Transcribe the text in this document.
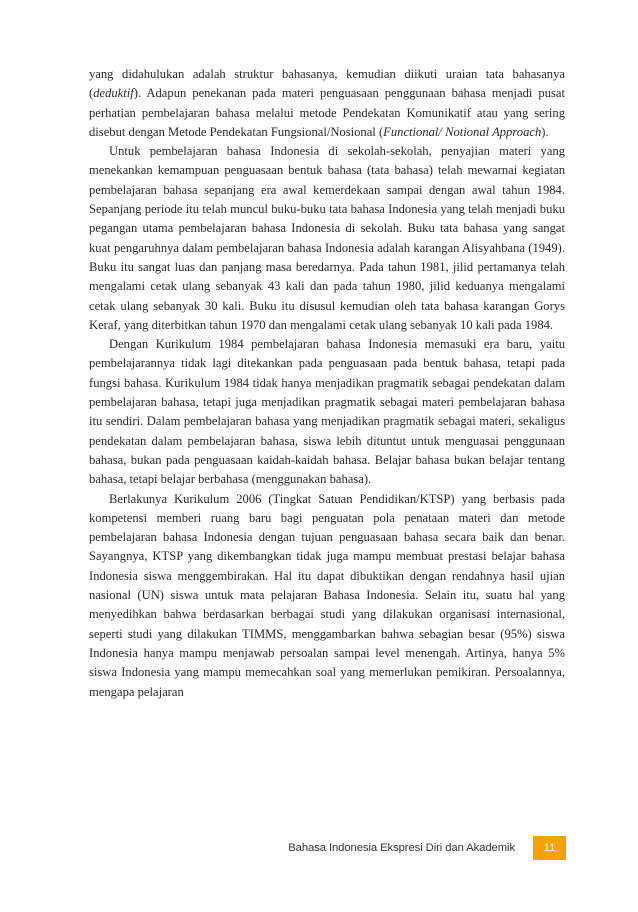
yang didahulukan adalah struktur bahasanya, kemudian diikuti uraian tata bahasanya (deduktif). Adapun penekanan pada materi penguasaan penggunaan bahasa menjadi pusat perhatian pembelajaran bahasa melalui metode Pendekatan Komunikatif atau yang sering disebut dengan Metode Pendekatan Fungsional/Nosional (Functional/ Notional Approach).

Untuk pembelajaran bahasa Indonesia di sekolah-sekolah, penyajian materi yang menekankan kemampuan penguasaan bentuk bahasa (tata bahasa) telah mewarnai kegiatan pembelajaran bahasa sepanjang era awal kemerdekaan sampai dengan awal tahun 1984. Sepanjang periode itu telah muncul buku-buku tata bahasa Indonesia yang telah menjadi buku pegangan utama pembelajaran bahasa Indonesia di sekolah. Buku tata bahasa yang sangat kuat pengaruhnya dalam pembelajaran bahasa Indonesia adalah karangan Alisyahbana (1949). Buku itu sangat luas dan panjang masa beredarnya. Pada tahun 1981, jilid pertamanya telah mengalami cetak ulang sebanyak 43 kali dan pada tahun 1980, jilid keduanya mengalami cetak ulang sebanyak 30 kali. Buku itu disusul kemudian oleh tata bahasa karangan Gorys Keraf, yang diterbitkan tahun 1970 dan mengalami cetak ulang sebanyak 10 kali pada 1984.

Dengan Kurikulum 1984 pembelajaran bahasa Indonesia memasuki era baru, yaitu pembelajarannya tidak lagi ditekankan pada penguasaan pada bentuk bahasa, tetapi pada fungsi bahasa. Kurikulum 1984 tidak hanya menjadikan pragmatik sebagai pendekatan dalam pembelajaran bahasa, tetapi juga menjadikan pragmatik sebagai materi pembelajaran bahasa itu sendiri. Dalam pembelajaran bahasa yang menjadikan pragmatik sebagai materi, sekaligus pendekatan dalam pembelajaran bahasa, siswa lebih dituntut untuk menguasai penggunaan bahasa, bukan pada penguasaan kaidah-kaidah bahasa. Belajar bahasa bukan belajar tentang bahasa, tetapi belajar berbahasa (menggunakan bahasa).

Berlakunya Kurikulum 2006 (Tingkat Satuan Pendidikan/KTSP) yang berbasis pada kompetensi memberi ruang baru bagi penguatan pola penataan materi dan metode pembelajaran bahasa Indonesia dengan tujuan penguasaan bahasa secara baik dan benar. Sayangnya, KTSP yang dikembangkan tidak juga mampu membuat prestasi belajar bahasa Indonesia siswa menggembirakan. Hal itu dapat dibuktikan dengan rendahnya hasil ujian nasional (UN) siswa untuk mata pelajaran Bahasa Indonesia. Selain itu, suatu hal yang menyedihkan bahwa berdasarkan berbagai studi yang dilakukan organisasi internasional, seperti studi yang dilakukan TIMMS, menggambarkan bahwa sebagian besar (95%) siswa Indonesia hanya mampu menjawab persoalan sampai level menengah. Artinya, hanya 5% siswa Indonesia yang mampu memecahkan soal yang memerlukan pemikiran. Persoalannya, mengapa pelajaran

Bahasa Indonesia Ekspresi Diri dan Akademik	11
